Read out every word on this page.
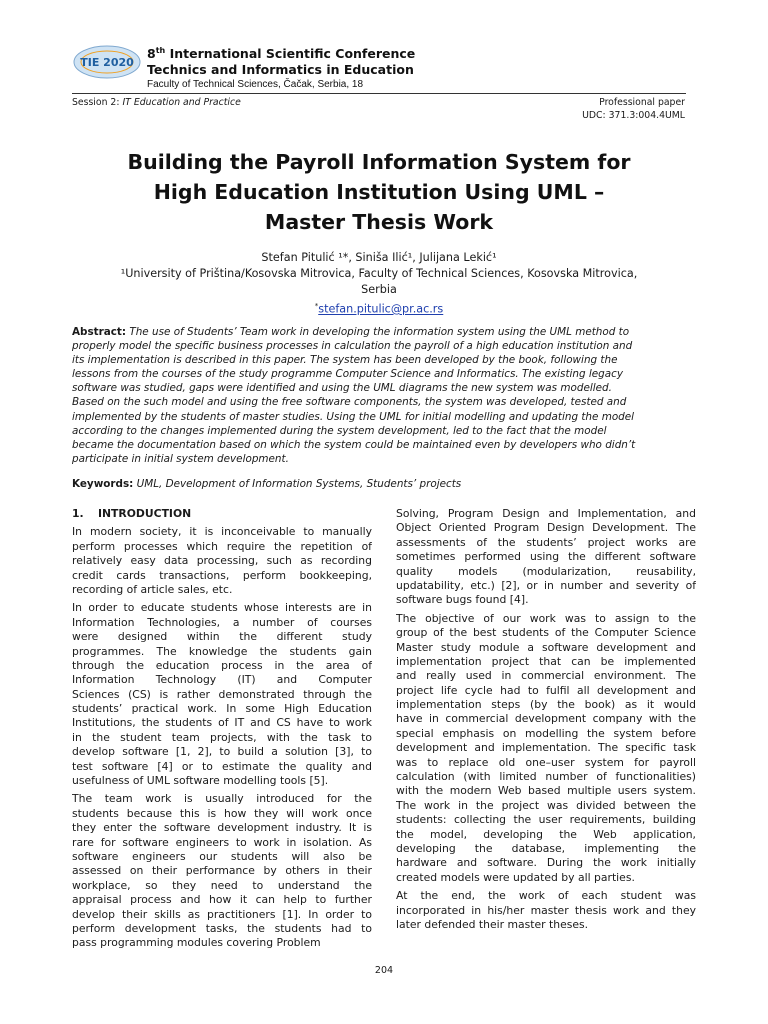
TIE 2020
8th International Scientific Conference
Technics and Informatics in Education
Faculty of Technical Sciences, Čačak, Serbia, 18
Session 2: IT Education and Practice	Professional paper
UDC: 371.3:004.4UML
Building the Payroll Information System for
High Education Institution Using UML –
Master Thesis Work
Stefan Pitulić ¹*, Siniša Ilić¹, Julijana Lekić¹
¹University of Priština/Kosovska Mitrovica, Faculty of Technical Sciences, Kosovska Mitrovica,
Serbia
*stefan.pitulic@pr.ac.rs
Abstract: The use of Students’ Team work in developing the information system using the UML method to
properly model the specific business processes in calculation the payroll of a high education institution and
its implementation is described in this paper. The system has been developed by the book, following the
lessons from the courses of the study programme Computer Science and Informatics. The existing legacy
software was studied, gaps were identified and using the UML diagrams the new system was modelled.
Based on the such model and using the free software components, the system was developed, tested and
implemented by the students of master studies. Using the UML for initial modelling and updating the model
according to the changes implemented during the system development, led to the fact that the model
became the documentation based on which the system could be maintained even by developers who didn’t
participate in initial system development.
Keywords: UML, Development of Information Systems, Students’ projects
1. INTRODUCTION
In modern society, it is inconceivable to manually
perform processes which require the repetition of
relatively easy data processing, such as recording
credit cards transactions, perform bookkeeping,
recording of article sales, etc.
In order to educate students whose interests are in
Information Technologies, a number of courses
were designed within the different study
programmes. The knowledge the students gain
through the education process in the area of
Information Technology (IT) and Computer
Sciences (CS) is rather demonstrated through the
students’ practical work. In some High Education
Institutions, the students of IT and CS have to work
in the student team projects, with the task to
develop software [1, 2], to build a solution [3], to
test software [4] or to estimate the quality and
usefulness of UML software modelling tools [5].
The team work is usually introduced for the
students because this is how they will work once
they enter the software development industry. It is
rare for software engineers to work in isolation. As
software engineers our students will also be
assessed on their performance by others in their
workplace, so they need to understand the
appraisal process and how it can help to further
develop their skills as practitioners [1]. In order to
perform development tasks, the students had to
pass programming modules covering Problem
Solving, Program Design and Implementation, and
Object Oriented Program Design Development. The
assessments of the students’ project works are
sometimes performed using the different software
quality models (modularization, reusability,
updatability, etc.) [2], or in number and severity of
software bugs found [4].
The objective of our work was to assign to the
group of the best students of the Computer Science
Master study module a software development and
implementation project that can be implemented
and really used in commercial environment. The
project life cycle had to fulfil all development and
implementation steps (by the book) as it would
have in commercial development company with the
special emphasis on modelling the system before
development and implementation. The specific task
was to replace old one–user system for payroll
calculation (with limited number of functionalities)
with the modern Web based multiple users system.
The work in the project was divided between the
students: collecting the user requirements, building
the model, developing the Web application,
developing the database, implementing the
hardware and software. During the work initially
created models were updated by all parties.
At the end, the work of each student was
incorporated in his/her master thesis work and they
later defended their master theses.
204
